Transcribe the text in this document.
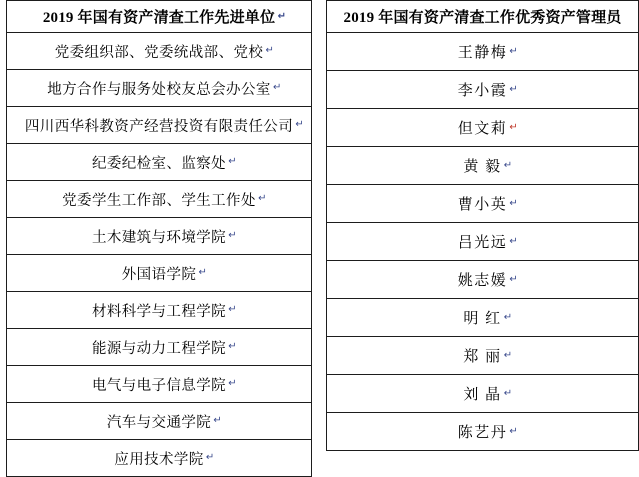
2019 年国有资产清查工作先进单位 ↵

党委组织部、党委统战部、党校 ↵

地方合作与服务处校友总会办公室 ↵

四川西华科教资产经营投资有限责任公司 ↵

纪委纪检室、监察处 ↵

党委学生工作部、学生工作处 ↵

土木建筑与环境学院 ↵

外国语学院 ↵

材料科学与工程学院 ↵

能源与动力工程学院 ↵

电气与电子信息学院 ↵

汽车与交通学院 ↵

应用技术学院 ↵
2019 年国有资产清查工作优秀资产管理员
王静梅 ↵

李小霞 ↵

但文莉 ↵

黄 毅 ↵

曹小英 ↵

吕光远 ↵

姚志媛 ↵

明 红 ↵

郑 丽 ↵

刘 晶 ↵

陈艺丹 ↵
